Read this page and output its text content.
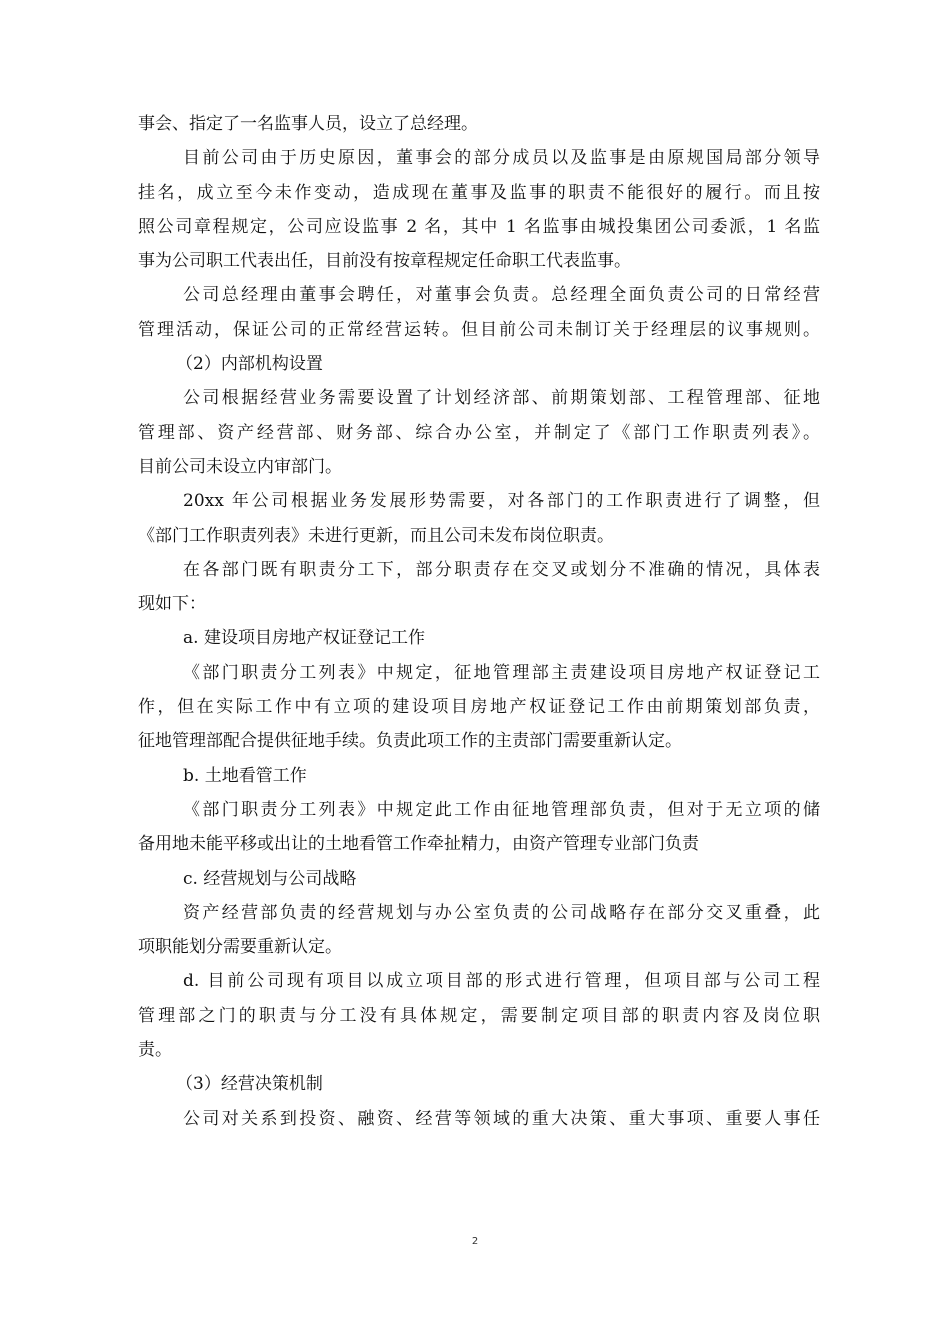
事会、指定了一名监事人员，设立了总经理。
目前公司由于历史原因，董事会的部分成员以及监事是由原规国局部分领导
挂名，成立至今未作变动，造成现在董事及监事的职责不能很好的履行。而且按
照公司章程规定，公司应设监事 2 名，其中 1 名监事由城投集团公司委派，1 名监
事为公司职工代表出任，目前没有按章程规定任命职工代表监事。
公司总经理由董事会聘任，对董事会负责。总经理全面负责公司的日常经营
管理活动，保证公司的正常经营运转。但目前公司未制订关于经理层的议事规则。
（2）内部机构设置
公司根据经营业务需要设置了计划经济部、前期策划部、工程管理部、征地
管理部、资产经营部、财务部、综合办公室，并制定了《部门工作职责列表》。
目前公司未设立内审部门。
20xx 年公司根据业务发展形势需要，对各部门的工作职责进行了调整，但
《部门工作职责列表》未进行更新，而且公司未发布岗位职责。
在各部门既有职责分工下，部分职责存在交叉或划分不准确的情况，具体表
现如下：
a. 建设项目房地产权证登记工作
《部门职责分工列表》中规定，征地管理部主责建设项目房地产权证登记工
作，但在实际工作中有立项的建设项目房地产权证登记工作由前期策划部负责，
征地管理部配合提供征地手续。负责此项工作的主责部门需要重新认定。
b. 土地看管工作
《部门职责分工列表》中规定此工作由征地管理部负责，但对于无立项的储
备用地未能平移或出让的土地看管工作牵扯精力，由资产管理专业部门负责
c. 经营规划与公司战略
资产经营部负责的经营规划与办公室负责的公司战略存在部分交叉重叠，此
项职能划分需要重新认定。
d. 目前公司现有项目以成立项目部的形式进行管理，但项目部与公司工程
管理部之门的职责与分工没有具体规定，需要制定项目部的职责内容及岗位职
责。
（3）经营决策机制
公司对关系到投资、融资、经营等领域的重大决策、重大事项、重要人事任
2
